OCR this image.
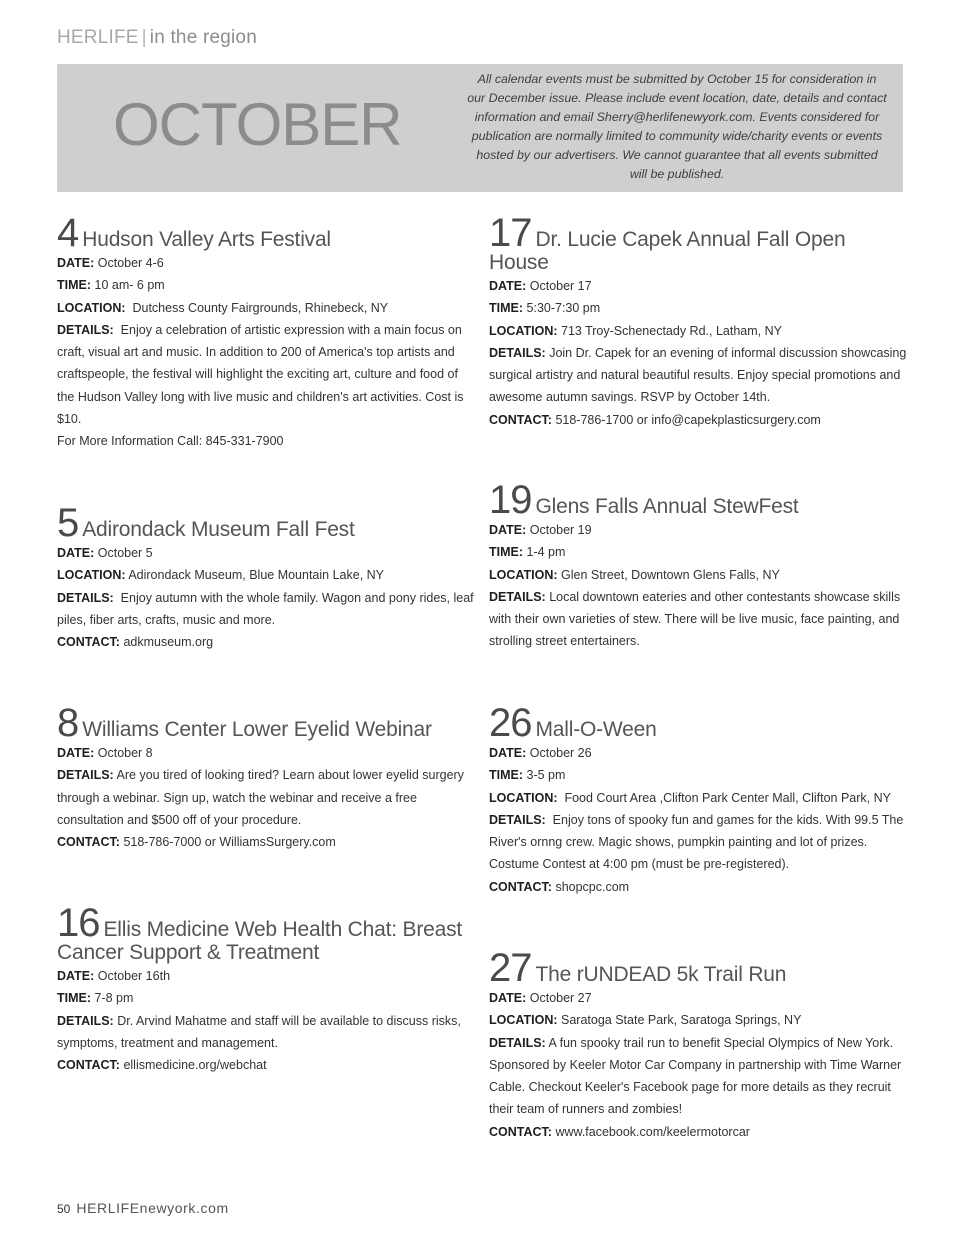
HERLIFE | in the region
OCTOBER
All calendar events must be submitted by October 15 for consideration in our December issue. Please include event location, date, details and contact information and email Sherry@herlifenewyork.com. Events considered for publication are normally limited to community wide/charity events or events hosted by our advertisers. We cannot guarantee that all events submitted will be published.
4 Hudson Valley Arts Festival

DATE: October 4-6

TIME: 10 am- 6 pm

LOCATION: Dutchess County Fairgrounds, Rhinebeck, NY

DETAILS: Enjoy a celebration of artistic expression with a main focus on craft, visual art and music. In addition to 200 of America's top artists and craftspeople, the festival will highlight the exciting art, culture and food of the Hudson Valley long with live music and children's art activities. Cost is $10.

For More Information Call: 845-331-7900

5 Adirondack Museum Fall Fest

DATE: October 5

LOCATION: Adirondack Museum, Blue Mountain Lake, NY

DETAILS: Enjoy autumn with the whole family. Wagon and pony rides, leaf piles, fiber arts, crafts, music and more.

CONTACT: adkmuseum.org

8 Williams Center Lower Eyelid Webinar

DATE: October 8

DETAILS: Are you tired of looking tired? Learn about lower eyelid surgery through a webinar. Sign up, watch the webinar and receive a free consultation and $500 off of your procedure.

CONTACT: 518-786-7000 or WilliamsSurgery.com

16 Ellis Medicine Web Health Chat: Breast Cancer Support & Treatment

DATE: October 16th

TIME: 7-8 pm

DETAILS: Dr. Arvind Mahatme and staff will be available to discuss risks, symptoms, treatment and management.

CONTACT: ellismedicine.org/webchat

17 Dr. Lucie Capek Annual Fall Open House

DATE: October 17

TIME: 5:30-7:30 pm

LOCATION: 713 Troy-Schenectady Rd., Latham, NY

DETAILS: Join Dr. Capek for an evening of informal discussion showcasing surgical artistry and natural beautiful results. Enjoy special promotions and awesome autumn savings. RSVP by October 14th.

CONTACT: 518-786-1700 or info@capekplasticsurgery.com

19 Glens Falls Annual StewFest

DATE: October 19

TIME: 1-4 pm

LOCATION: Glen Street, Downtown Glens Falls, NY

DETAILS: Local downtown eateries and other contestants showcase skills with their own varieties of stew. There will be live music, face painting, and strolling street entertainers.

26 Mall-O-Ween

DATE: October 26

TIME: 3-5 pm

LOCATION: Food Court Area ,Clifton Park Center Mall, Clifton Park, NY

DETAILS: Enjoy tons of spooky fun and games for the kids. With 99.5 The River's ornng crew. Magic shows, pumpkin painting and lot of prizes. Costume Contest at 4:00 pm (must be pre-registered).

CONTACT: shopcpc.com

27 The rUNDEAD 5k Trail Run

DATE: October 27

LOCATION: Saratoga State Park, Saratoga Springs, NY

DETAILS: A fun spooky trail run to benefit Special Olympics of New York. Sponsored by Keeler Motor Car Company in partnership with Time Warner Cable. Checkout Keeler's Facebook page for more details as they recruit their team of runners and zombies!

CONTACT: www.facebook.com/keelermotorcar

50 HERLIFEnewyork.com
